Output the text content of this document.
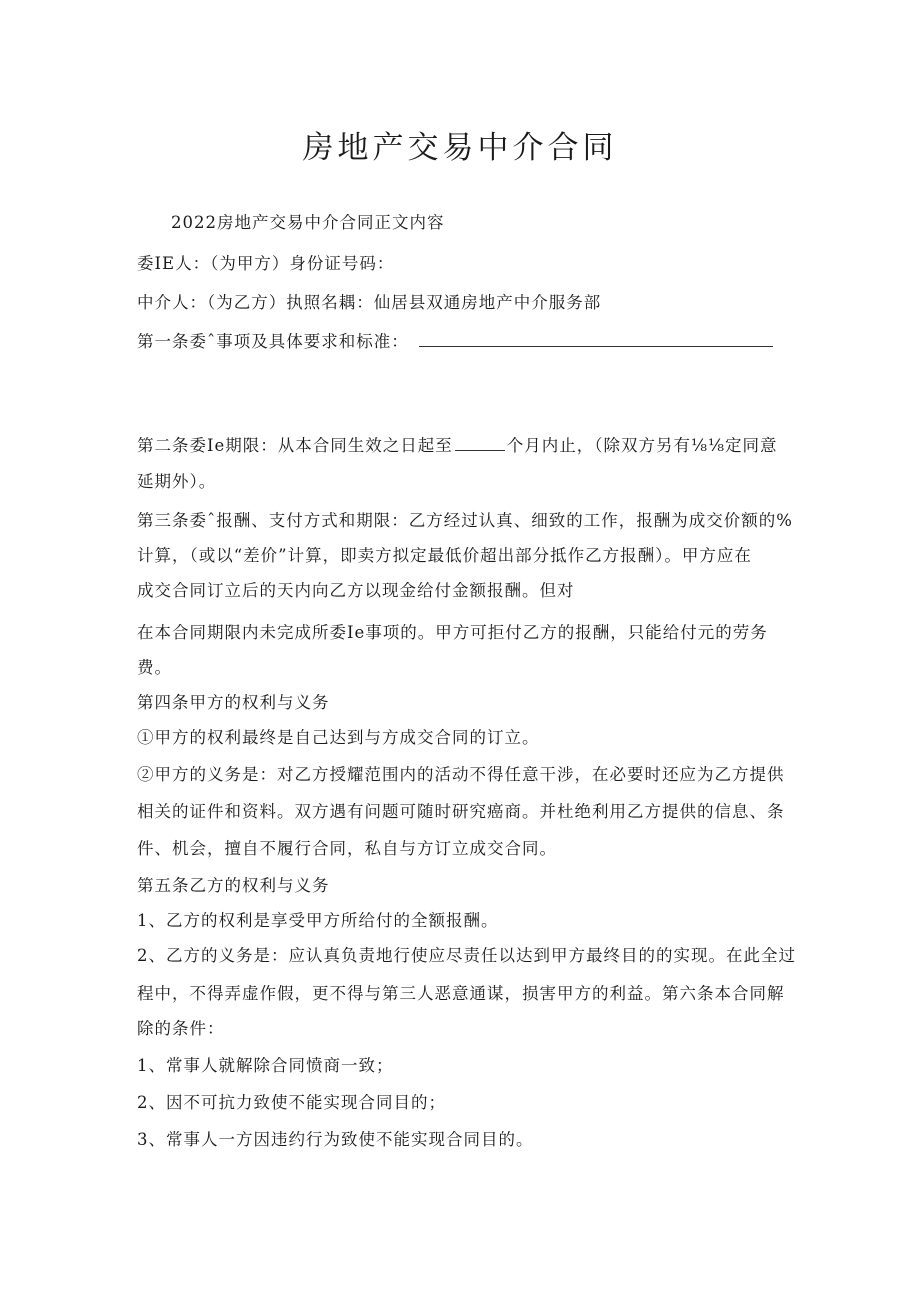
房地产交易中介合同
2022房地产交易中介合同正文内容
委IE人：（为甲方）身份证号码：
中介人：（为乙方）执照名耦：仙居县双通房地产中介服务部
第一条委ˆ事项及具体要求和标准：
第二条委Ie期限：从本合同生效之日起至	个月内止，（除双方另有⅛⅛定同意
延期外）。
第三条委ˆ报酬、支付方式和期限：乙方经过认真、细致的工作，报酬为成交价额的%
计算，（或以“差价”计算，即卖方拟定最低价超出部分抵作乙方报酬）。甲方应在
成交合同订立后的天内向乙方以现金给付金额报酬。但对
在本合同期限内未完成所委Ie事项的。甲方可拒付乙方的报酬，只能给付元的劳务
费。
第四条甲方的权利与义务
①甲方的权利最终是自己达到与方成交合同的订立。
②甲方的义务是：对乙方授耀范围内的活动不得任意干涉，在必要时还应为乙方提供
相关的证件和资料。双方遇有问题可随时研究癌商。并杜绝利用乙方提供的信息、条
件、机会，擅自不履行合同，私自与方订立成交合同。
第五条乙方的权利与义务
1、乙方的权利是享受甲方所给付的全额报酬。
2、乙方的义务是：应认真负责地行使应尽责任以达到甲方最终目的的实现。在此全过
程中，不得弄虚作假，更不得与第三人恶意通谋，损害甲方的利益。第六条本合同解
除的条件：
1、常事人就解除合同愤商一致；
2、因不可抗力致使不能实现合同目的；
3、常事人一方因违约行为致使不能实现合同目的。
